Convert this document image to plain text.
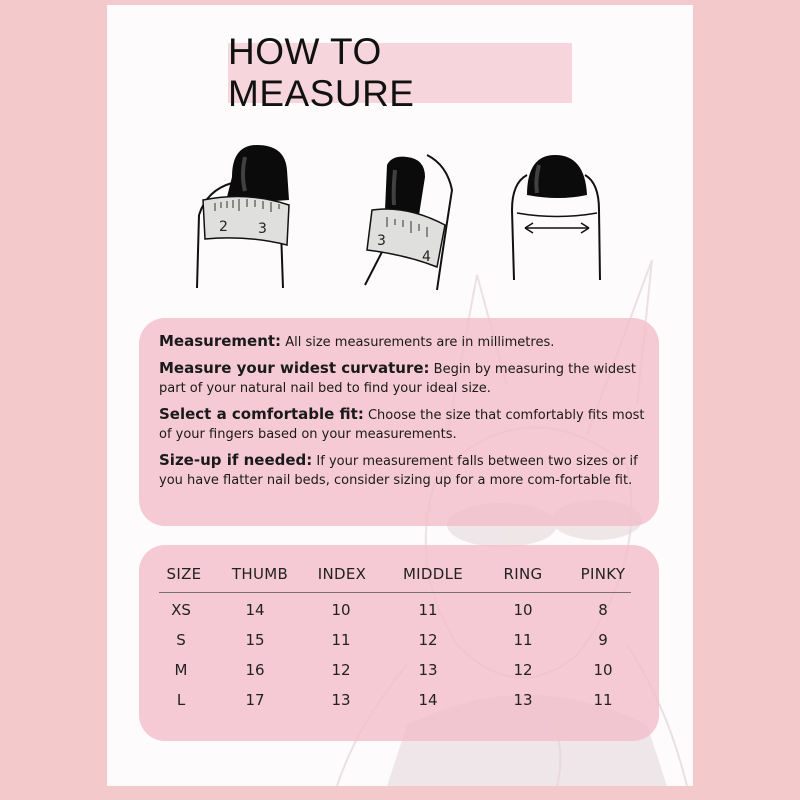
HOW TO MEASURE
2 3
3
4

Measurement: All size measurements are in millimetres.

Measure your widest curvature: Begin by measuring the widest part of your natural nail bed to find your ideal size.

Select a comfortable fit: Choose the size that comfortably fits most of your fingers based on your measurements.

Size-up if needed: If your measurement falls between two sizes or if you have flatter nail beds, consider sizing up for a more com-fortable fit.

SIZE THUMB INDEX MIDDLE	RING	PINKY
XS	14	10	11	10	8
S	15	11	12	11	9
M	16	12	13	12	10
L	17	13	14	13	11
